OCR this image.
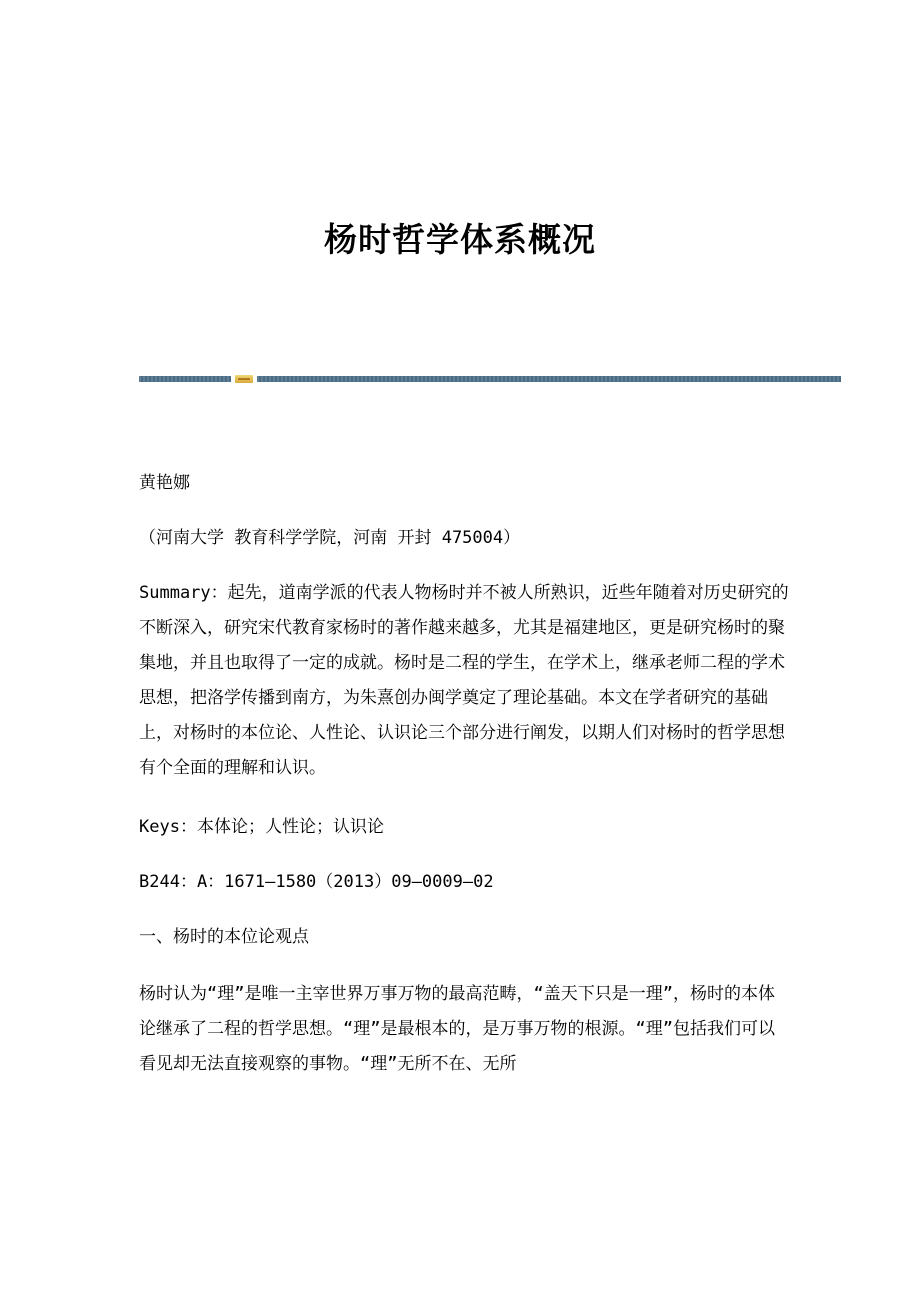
杨时哲学体系概况

黄艳娜

（河南大学 教育科学学院，河南 开封 475004）

Summary：起先，道南学派的代表人物杨时并不被人所熟识，近些年随着对历史研究的不断深入，研究宋代教育家杨时的著作越来越多，尤其是福建地区，更是研究杨时的聚集地，并且也取得了一定的成就。杨时是二程的学生，在学术上，继承老师二程的学术思想，把洛学传播到南方，为朱熹创办闽学奠定了理论基础。本文在学者研究的基础上，对杨时的本位论、人性论、认识论三个部分进行阐发，以期人们对杨时的哲学思想有个全面的理解和认识。

Keys：本体论；人性论；认识论

B244：A：1671—1580（2013）09—0009—02

一、杨时的本位论观点

杨时认为“理”是唯一主宰世界万事万物的最高范畴，“盖天下只是一理”，杨时的本体论继承了二程的哲学思想。“理”是最根本的，是万事万物的根源。“理”包括我们可以看见却无法直接观察的事物。“理”无所不在、无所
